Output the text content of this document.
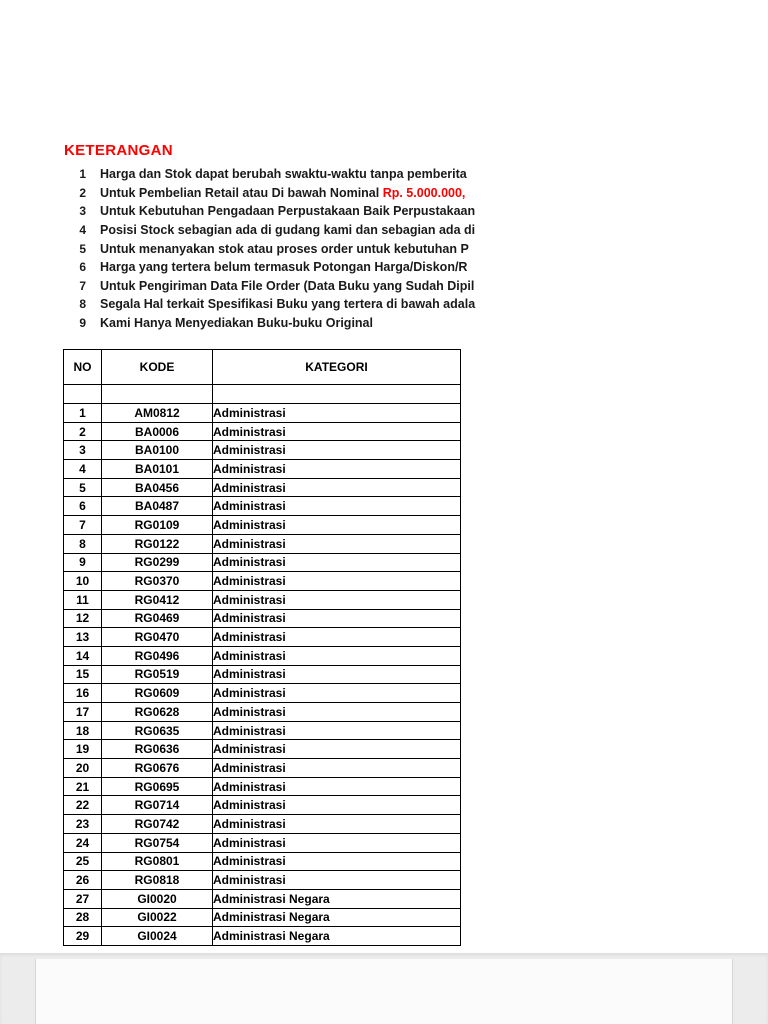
KETERANGAN
1 Harga dan Stok dapat berubah swaktu-waktu tanpa pemberita
2 Untuk Pembelian Retail atau Di bawah Nominal Rp. 5.000.000,
3 Untuk Kebutuhan Pengadaan Perpustakaan Baik Perpustakaan
4 Posisi Stock sebagian ada di gudang kami dan sebagian ada di
5 Untuk menanyakan stok atau proses order untuk kebutuhan P
6 Harga yang tertera belum termasuk Potongan Harga/Diskon/R
7 Untuk Pengiriman Data File Order (Data Buku yang Sudah Dipil
8 Segala Hal terkait Spesifikasi Buku yang tertera di bawah adala
9 Kami Hanya Menyediakan Buku-buku Original
NO	KODE	KATEGORI

1	AM0812	Administrasi
2	BA0006	Administrasi
3	BA0100	Administrasi
4	BA0101	Administrasi
5	BA0456	Administrasi
6	BA0487	Administrasi
7	RG0109	Administrasi
8	RG0122	Administrasi
9	RG0299	Administrasi
10	RG0370	Administrasi
11	RG0412	Administrasi
12	RG0469	Administrasi
13	RG0470	Administrasi
14	RG0496	Administrasi
15	RG0519	Administrasi
16	RG0609	Administrasi
17	RG0628	Administrasi
18	RG0635	Administrasi
19	RG0636	Administrasi
20	RG0676	Administrasi
21	RG0695	Administrasi
22	RG0714	Administrasi
23	RG0742	Administrasi
24	RG0754	Administrasi
25	RG0801	Administrasi
26	RG0818	Administrasi
27	GI0020	Administrasi Negara
28	GI0022	Administrasi Negara
29	GI0024	Administrasi Negara
